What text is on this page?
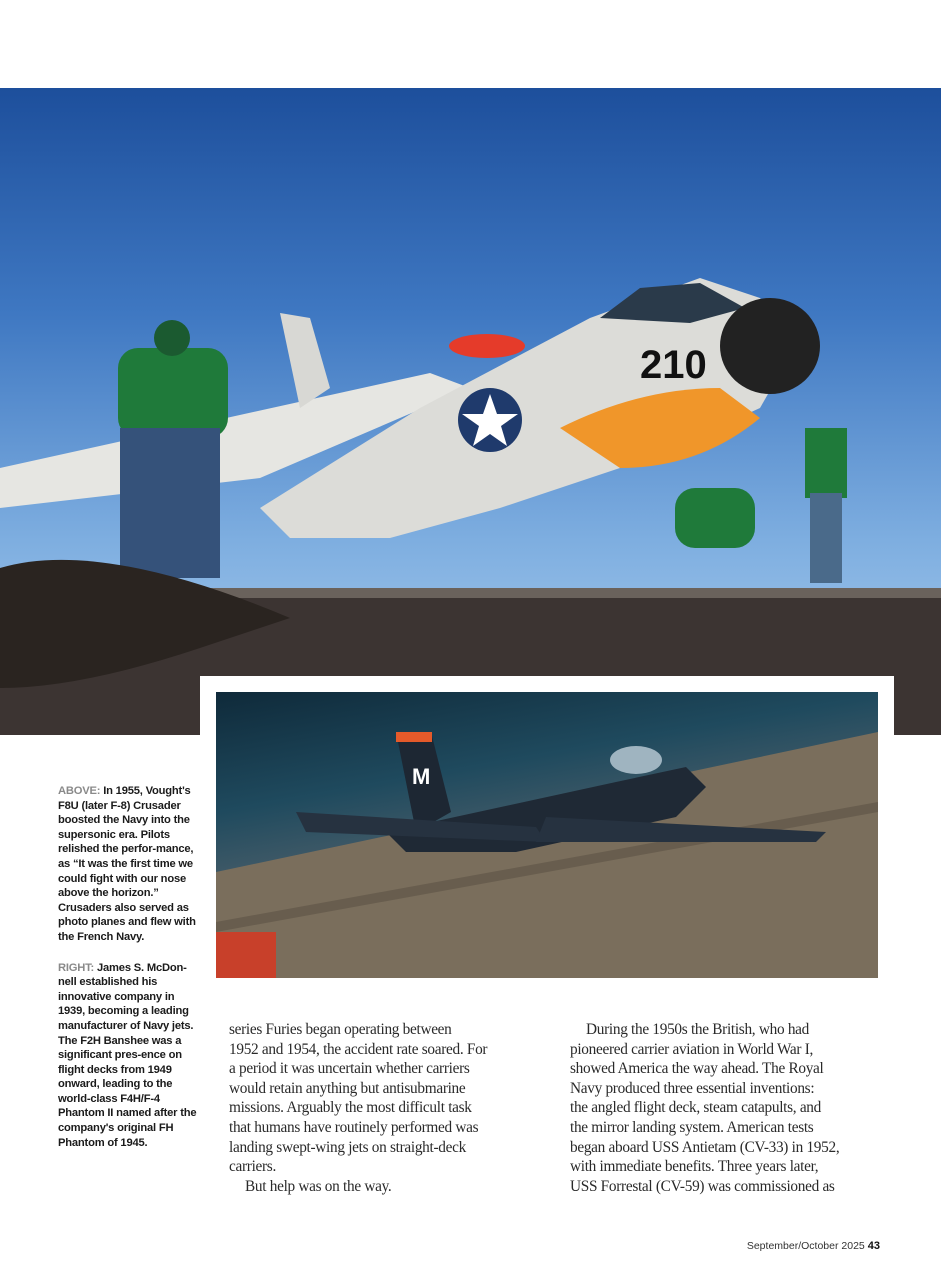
210
M

ABOVE: In 1955, Vought's F8U (later F-8) Crusader boosted the Navy into the supersonic era. Pilots relished the perfor-mance, as “It was the first time we could fight with our nose above the horizon.” Crusaders also served as photo planes and flew with the French Navy.

RIGHT: James S. McDon-nell established his innovative company in 1939, becoming a leading manufacturer of Navy jets. The F2H Banshee was a significant pres-ence on flight decks from 1949 onward, leading to the world-class F4H/F-4 Phantom II named after the company's original FH Phantom of 1945.

series Furies began operating between
1952 and 1954, the accident rate soared. For
a period it was uncertain whether carriers
would retain anything but antisubmarine
missions. Arguably the most difficult task
that humans have routinely performed was
landing swept-wing jets on straight-deck
carriers.
But help was on the way.
During the 1950s the British, who had
pioneered carrier aviation in World War I,
showed America the way ahead. The Royal
Navy produced three essential inventions:
the angled flight deck, steam catapults, and
the mirror landing system. American tests
began aboard USS Antietam (CV-33) in 1952,
with immediate benefits. Three years later,
USS Forrestal (CV-59) was commissioned as
September/October 2025 43
